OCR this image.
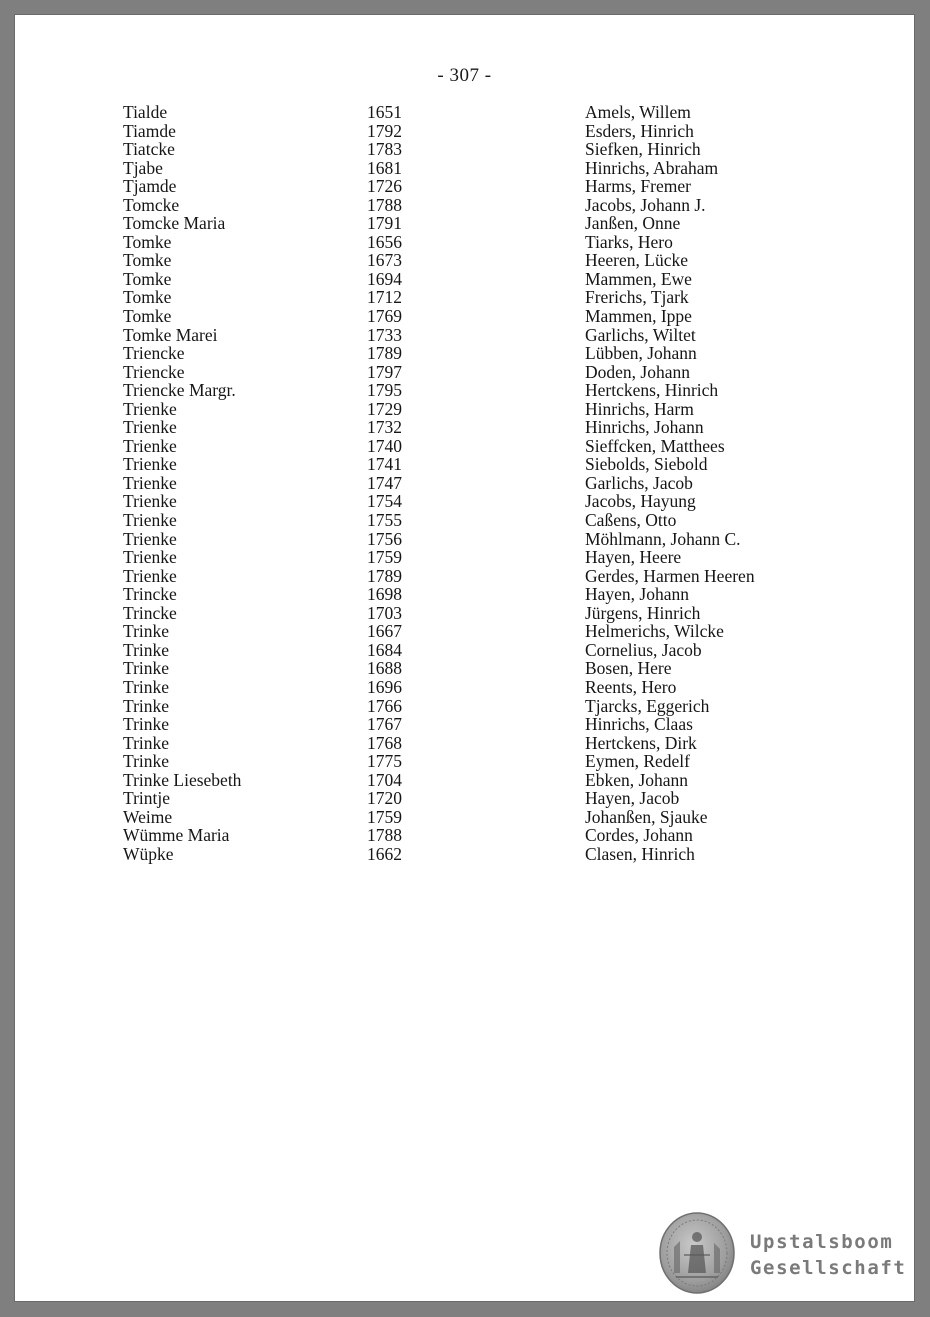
- 307 -
Tialde	1651	Amels, Willem
Tiamde	1792	Esders, Hinrich
Tiatcke	1783	Siefken, Hinrich
Tjabe	1681	Hinrichs, Abraham
Tjamde	1726	Harms, Fremer
Tomcke	1788	Jacobs, Johann J.
Tomcke Maria	1791	Janßen, Onne
Tomke	1656	Tiarks, Hero
Tomke	1673	Heeren, Lücke
Tomke	1694	Mammen, Ewe
Tomke	1712	Frerichs, Tjark
Tomke	1769	Mammen, Ippe
Tomke Marei	1733	Garlichs, Wiltet
Triencke	1789	Lübben, Johann
Triencke	1797	Doden, Johann
Triencke Margr.	1795	Hertckens, Hinrich
Trienke	1729	Hinrichs, Harm
Trienke	1732	Hinrichs, Johann
Trienke	1740	Sieffcken, Matthees
Trienke	1741	Siebolds, Siebold
Trienke	1747	Garlichs, Jacob
Trienke	1754	Jacobs, Hayung
Trienke	1755	Caßens, Otto
Trienke	1756	Möhlmann, Johann C.
Trienke	1759	Hayen, Heere
Trienke	1789	Gerdes, Harmen Heeren
Trincke	1698	Hayen, Johann
Trincke	1703	Jürgens, Hinrich
Trinke	1667	Helmerichs, Wilcke
Trinke	1684	Cornelius, Jacob
Trinke	1688	Bosen, Here
Trinke	1696	Reents, Hero
Trinke	1766	Tjarcks, Eggerich
Trinke	1767	Hinrichs, Claas
Trinke	1768	Hertckens, Dirk
Trinke	1775	Eymen, Redelf
Trinke Liesebeth	1704	Ebken, Johann
Trintje	1720	Hayen, Jacob
Weime	1759	Johanßen, Sjauke
Wümme Maria	1788	Cordes, Johann
Wüpke	1662	Clasen, Hinrich
Upstalsboom
Gesellschaft
